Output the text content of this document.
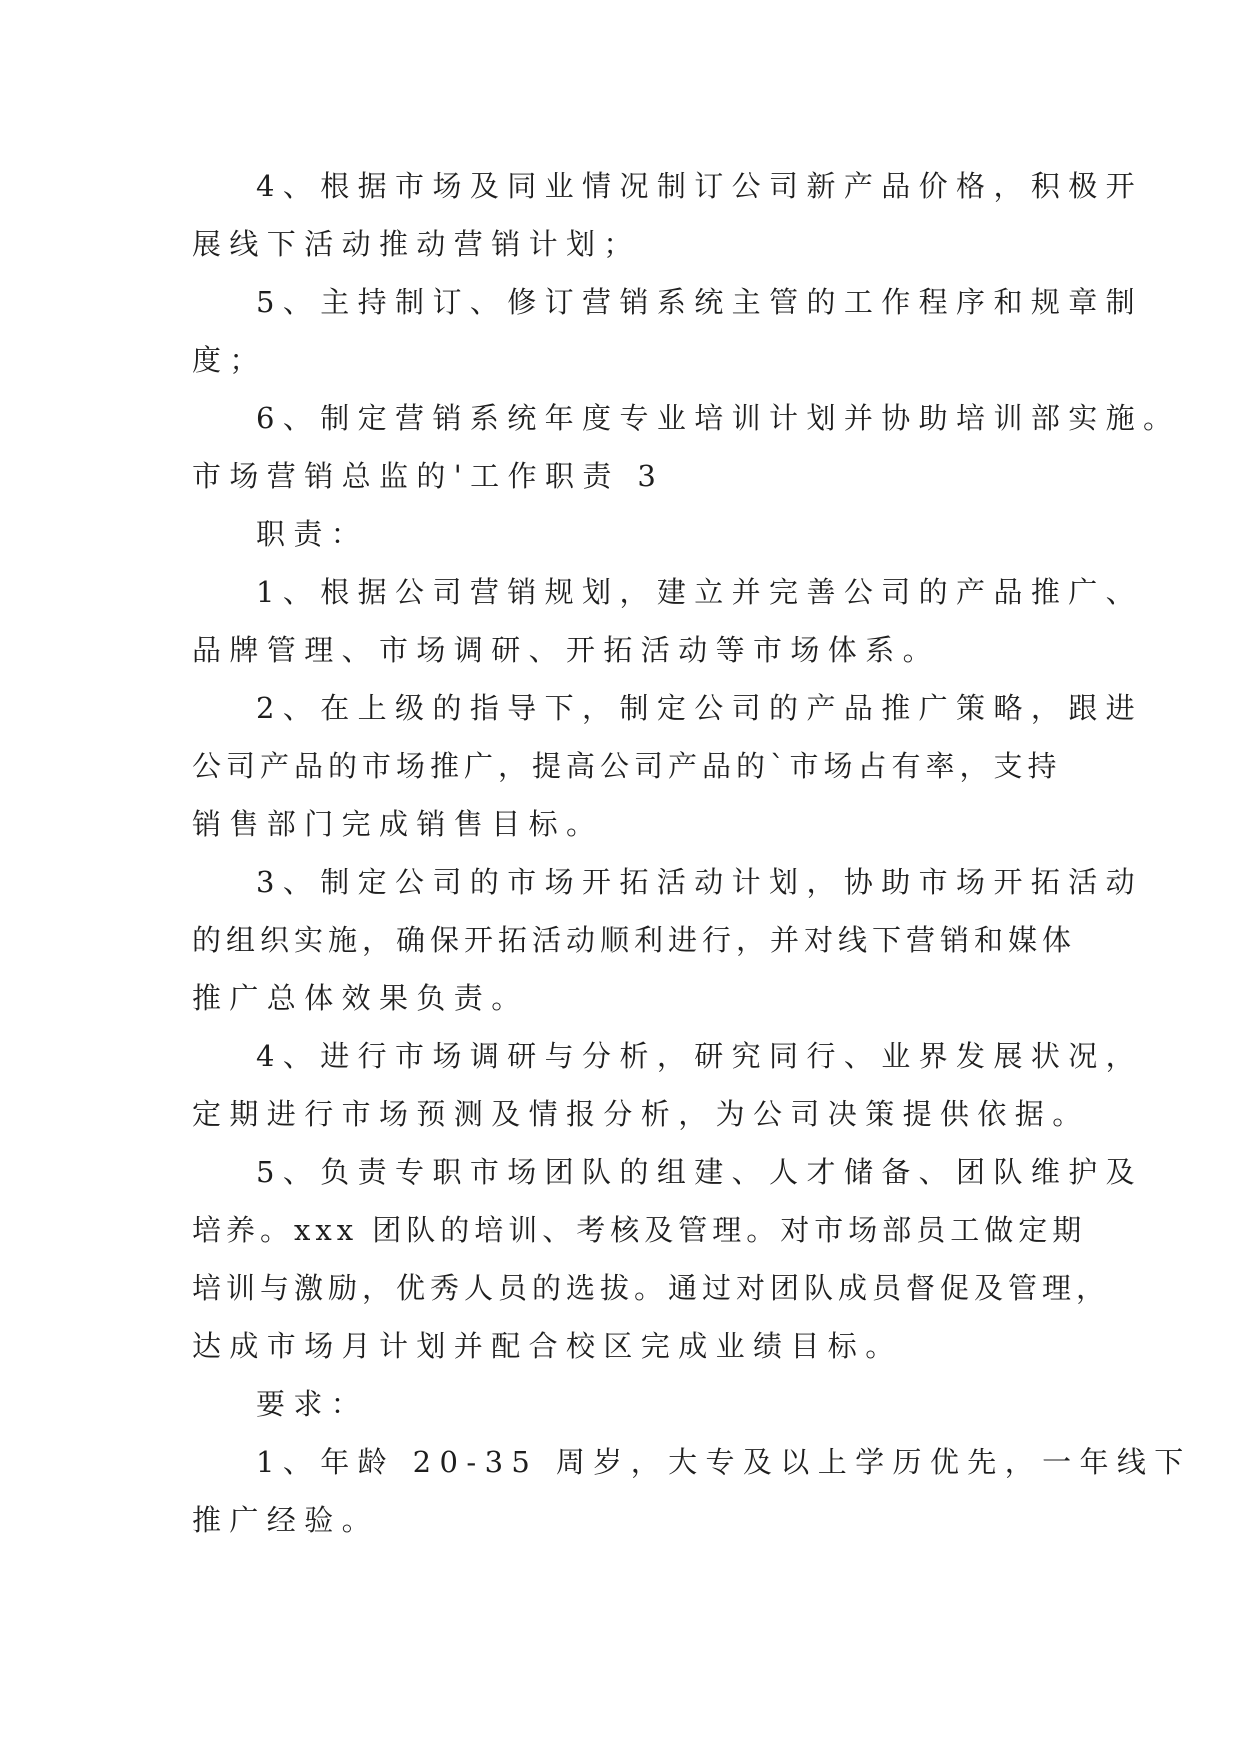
4、根据市场及同业情况制订公司新产品价格，积极开

展线下活动推动营销计划；

5、主持制订、修订营销系统主管的工作程序和规章制

度；

6、制定营销系统年度专业培训计划并协助培训部实施。

市场营销总监的'工作职责 3

职责：

1、根据公司营销规划，建立并完善公司的产品推广、

品牌管理、市场调研、开拓活动等市场体系。

2、在上级的指导下，制定公司的产品推广策略，跟进

公司产品的市场推广，提高公司产品的`市场占有率，支持

销售部门完成销售目标。

3、制定公司的市场开拓活动计划，协助市场开拓活动

的组织实施，确保开拓活动顺利进行，并对线下营销和媒体

推广总体效果负责。

4、进行市场调研与分析，研究同行、业界发展状况，

定期进行市场预测及情报分析，为公司决策提供依据。

5、负责专职市场团队的组建、人才储备、团队维护及

培养。xxx 团队的培训、考核及管理。对市场部员工做定期

培训与激励，优秀人员的选拔。通过对团队成员督促及管理，

达成市场月计划并配合校区完成业绩目标。

要求：

1、年龄 20-35 周岁，大专及以上学历优先，一年线下

推广经验。
